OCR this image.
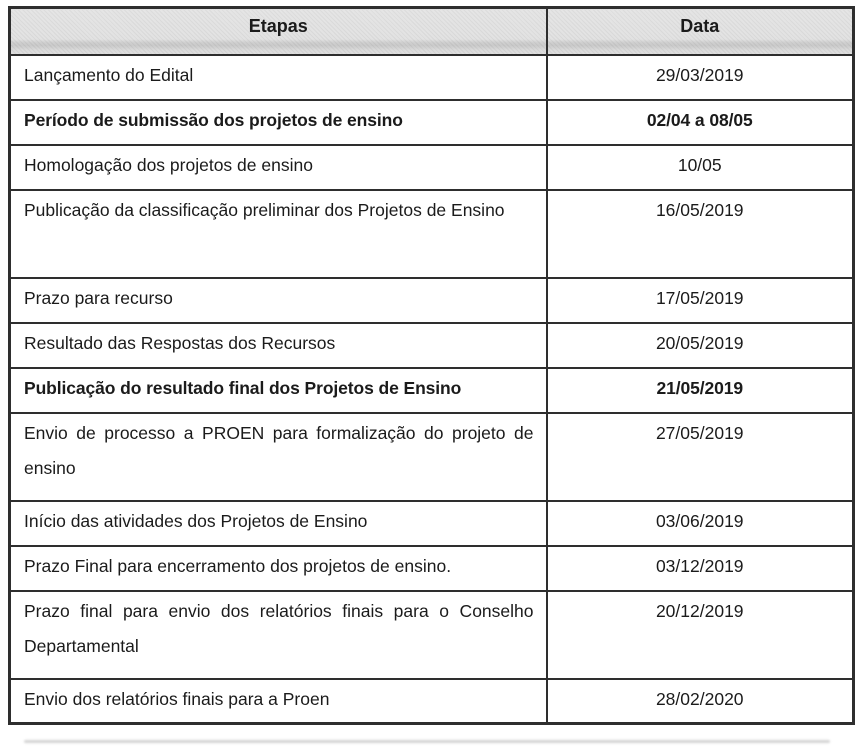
Etapas	Data
Lançamento do Edital	29/03/2019
Período de submissão dos projetos de ensino	02/04 a 08/05
Homologação dos projetos de ensino	10/05
Publicação da classificação preliminar dos Projetos de Ensino	16/05/2019
Prazo para recurso	17/05/2019
Resultado das Respostas dos Recursos	20/05/2019
Publicação do resultado final dos Projetos de Ensino	21/05/2019
Envio de processo a PROEN para formalização do projeto de ensino	27/05/2019
Início das atividades dos Projetos de Ensino	03/06/2019
Prazo Final para encerramento dos projetos de ensino.	03/12/2019
Prazo final para envio dos relatórios finais para o Conselho Departamental	20/12/2019
Envio dos relatórios finais para a Proen	28/02/2020
